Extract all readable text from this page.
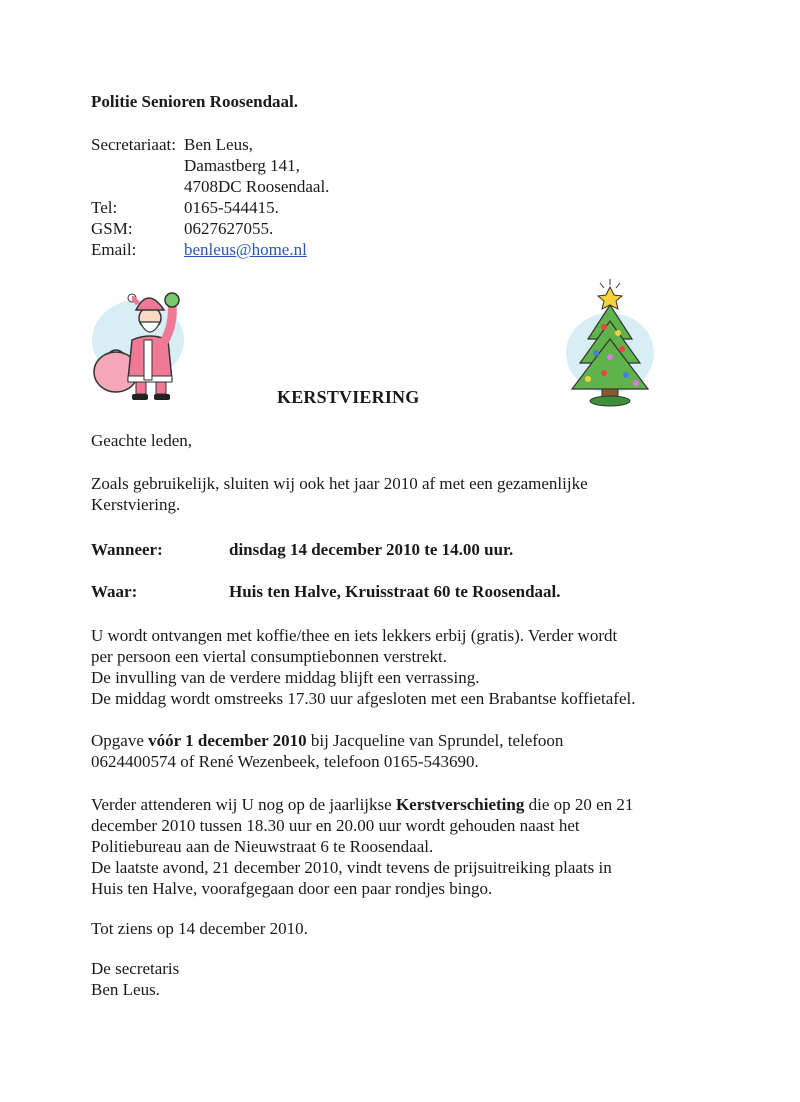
Politie Senioren Roosendaal.

Secretariaat: Ben Leus,
Damastberg 141,
4708DC Roosendaal.
Tel:	0165-544415.
GSM:	0627627055.
Email:	benleus@home.nl

KERSTVIERING

Geachte leden,

Zoals gebruikelijk, sluiten wij ook het jaar 2010 af met een gezamenlijke

Kerstviering.

Wanneer:	dinsdag 14 december 2010 te 14.00 uur.

Waar:	Huis ten Halve, Kruisstraat 60 te Roosendaal.

U wordt ontvangen met koffie/thee en iets lekkers erbij (gratis). Verder wordt

per persoon een viertal consumptiebonnen verstrekt.

De invulling van de verdere middag blijft een verrassing.

De middag wordt omstreeks 17.30 uur afgesloten met een Brabantse koffietafel.

Opgave vóór 1 december 2010 bij Jacqueline van Sprundel, telefoon

0624400574 of René Wezenbeek, telefoon 0165-543690.

Verder attenderen wij U nog op de jaarlijkse Kerstverschieting die op 20 en 21

december 2010 tussen 18.30 uur en 20.00 uur wordt gehouden naast het

Politiebureau aan de Nieuwstraat 6 te Roosendaal.

De laatste avond, 21 december 2010, vindt tevens de prijsuitreiking plaats in

Huis ten Halve, voorafgegaan door een paar rondjes bingo.

Tot ziens op 14 december 2010.

De secretaris

Ben Leus.
